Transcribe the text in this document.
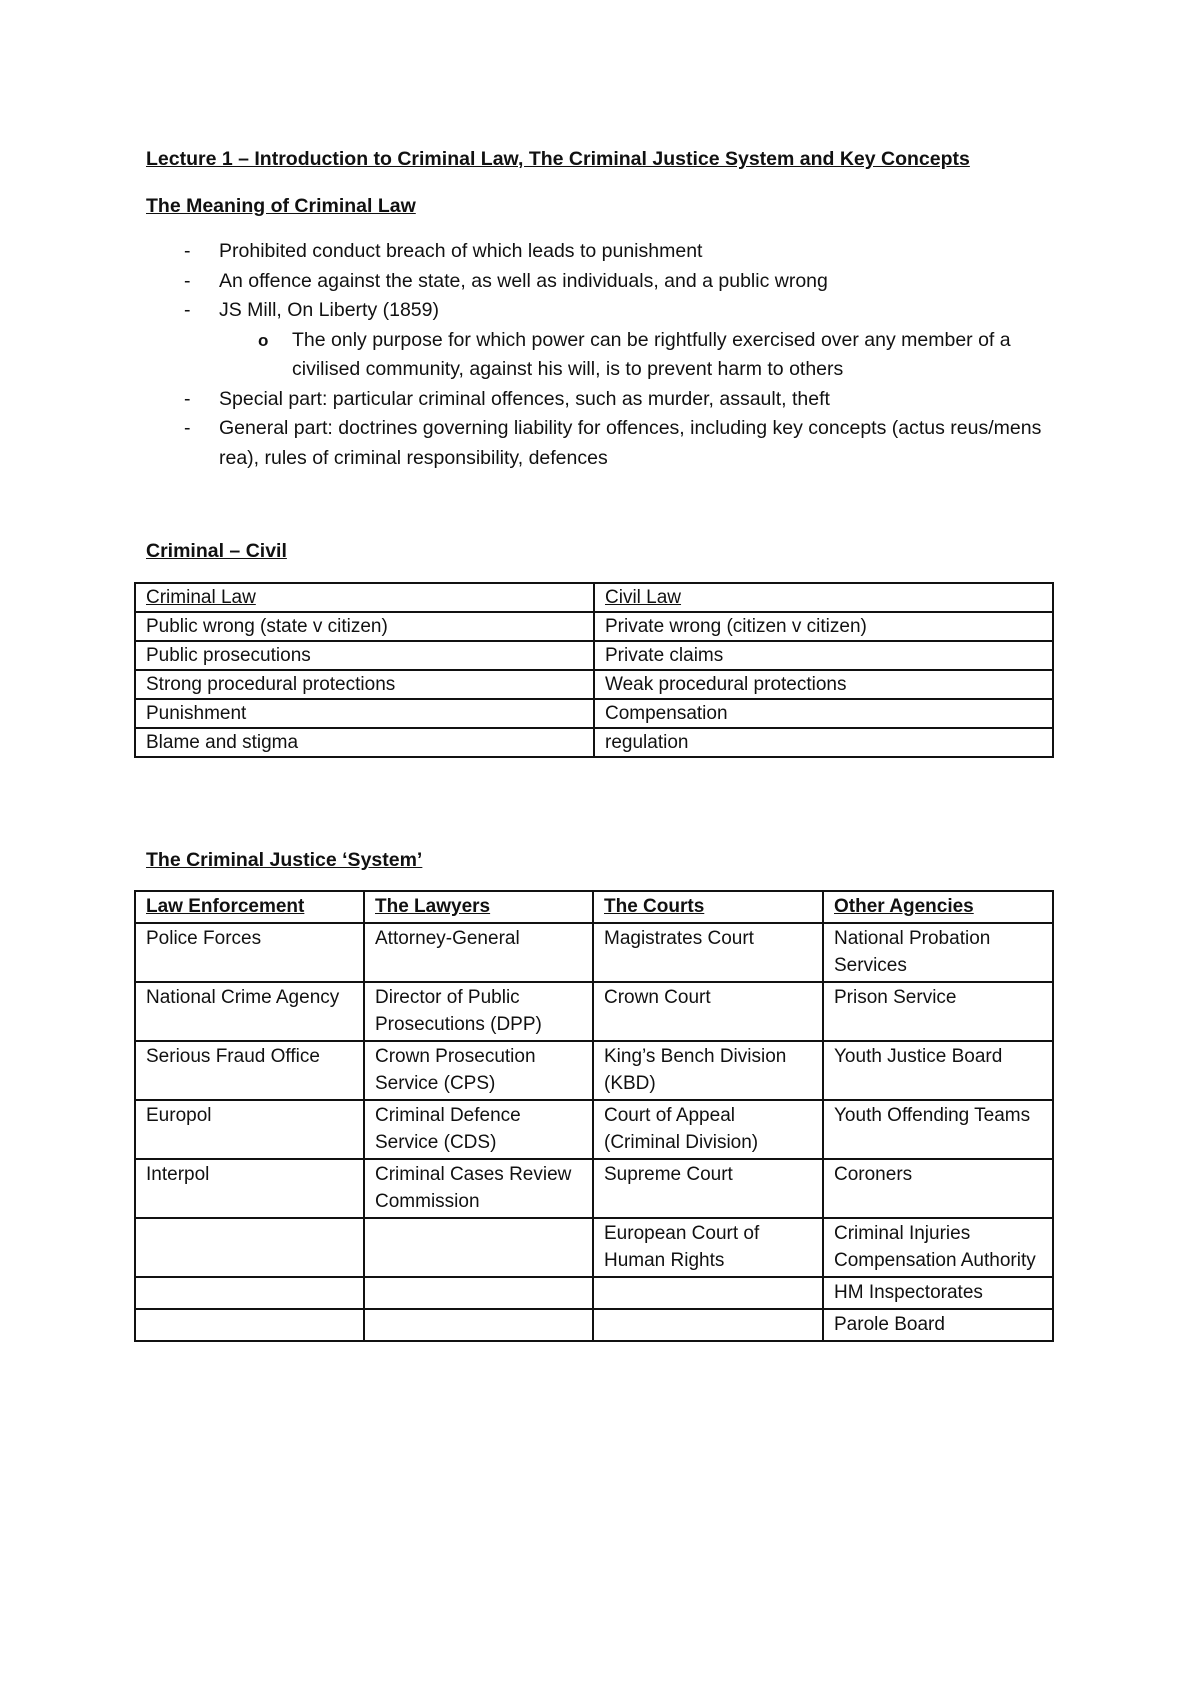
Lecture 1 – Introduction to Criminal Law, The Criminal Justice System and Key Concepts
The Meaning of Criminal Law
- Prohibited conduct breach of which leads to punishment
- An offence against the state, as well as individuals, and a public wrong
- JS Mill, On Liberty (1859)
o The only purpose for which power can be rightfully exercised over any member of a civilised community, against his will, is to prevent harm to others
- Special part: particular criminal offences, such as murder, assault, theft
- General part: doctrines governing liability for offences, including key concepts (actus reus/mens rea), rules of criminal responsibility, defences
Criminal – Civil
Criminal Law	Civil Law
Public wrong (state v citizen)	Private wrong (citizen v citizen)
Public prosecutions	Private claims
Strong procedural protections	Weak procedural protections
Punishment	Compensation
Blame and stigma	regulation
The Criminal Justice ‘System’
Law Enforcement	The Lawyers	The Courts	Other Agencies
Police Forces	Attorney-General	Magistrates Court	National Probation Services
National Crime Agency	Director of Public Prosecutions (DPP)	Crown Court	Prison Service
Serious Fraud Office	Crown Prosecution Service (CPS)	King’s Bench Division (KBD)	Youth Justice Board
Europol	Criminal Defence Service (CDS)	Court of Appeal (Criminal Division)	Youth Offending Teams
Interpol	Criminal Cases Review Commission	Supreme Court	Coroners
		European Court of Human Rights	Criminal Injuries Compensation Authority
			HM Inspectorates
			Parole Board
